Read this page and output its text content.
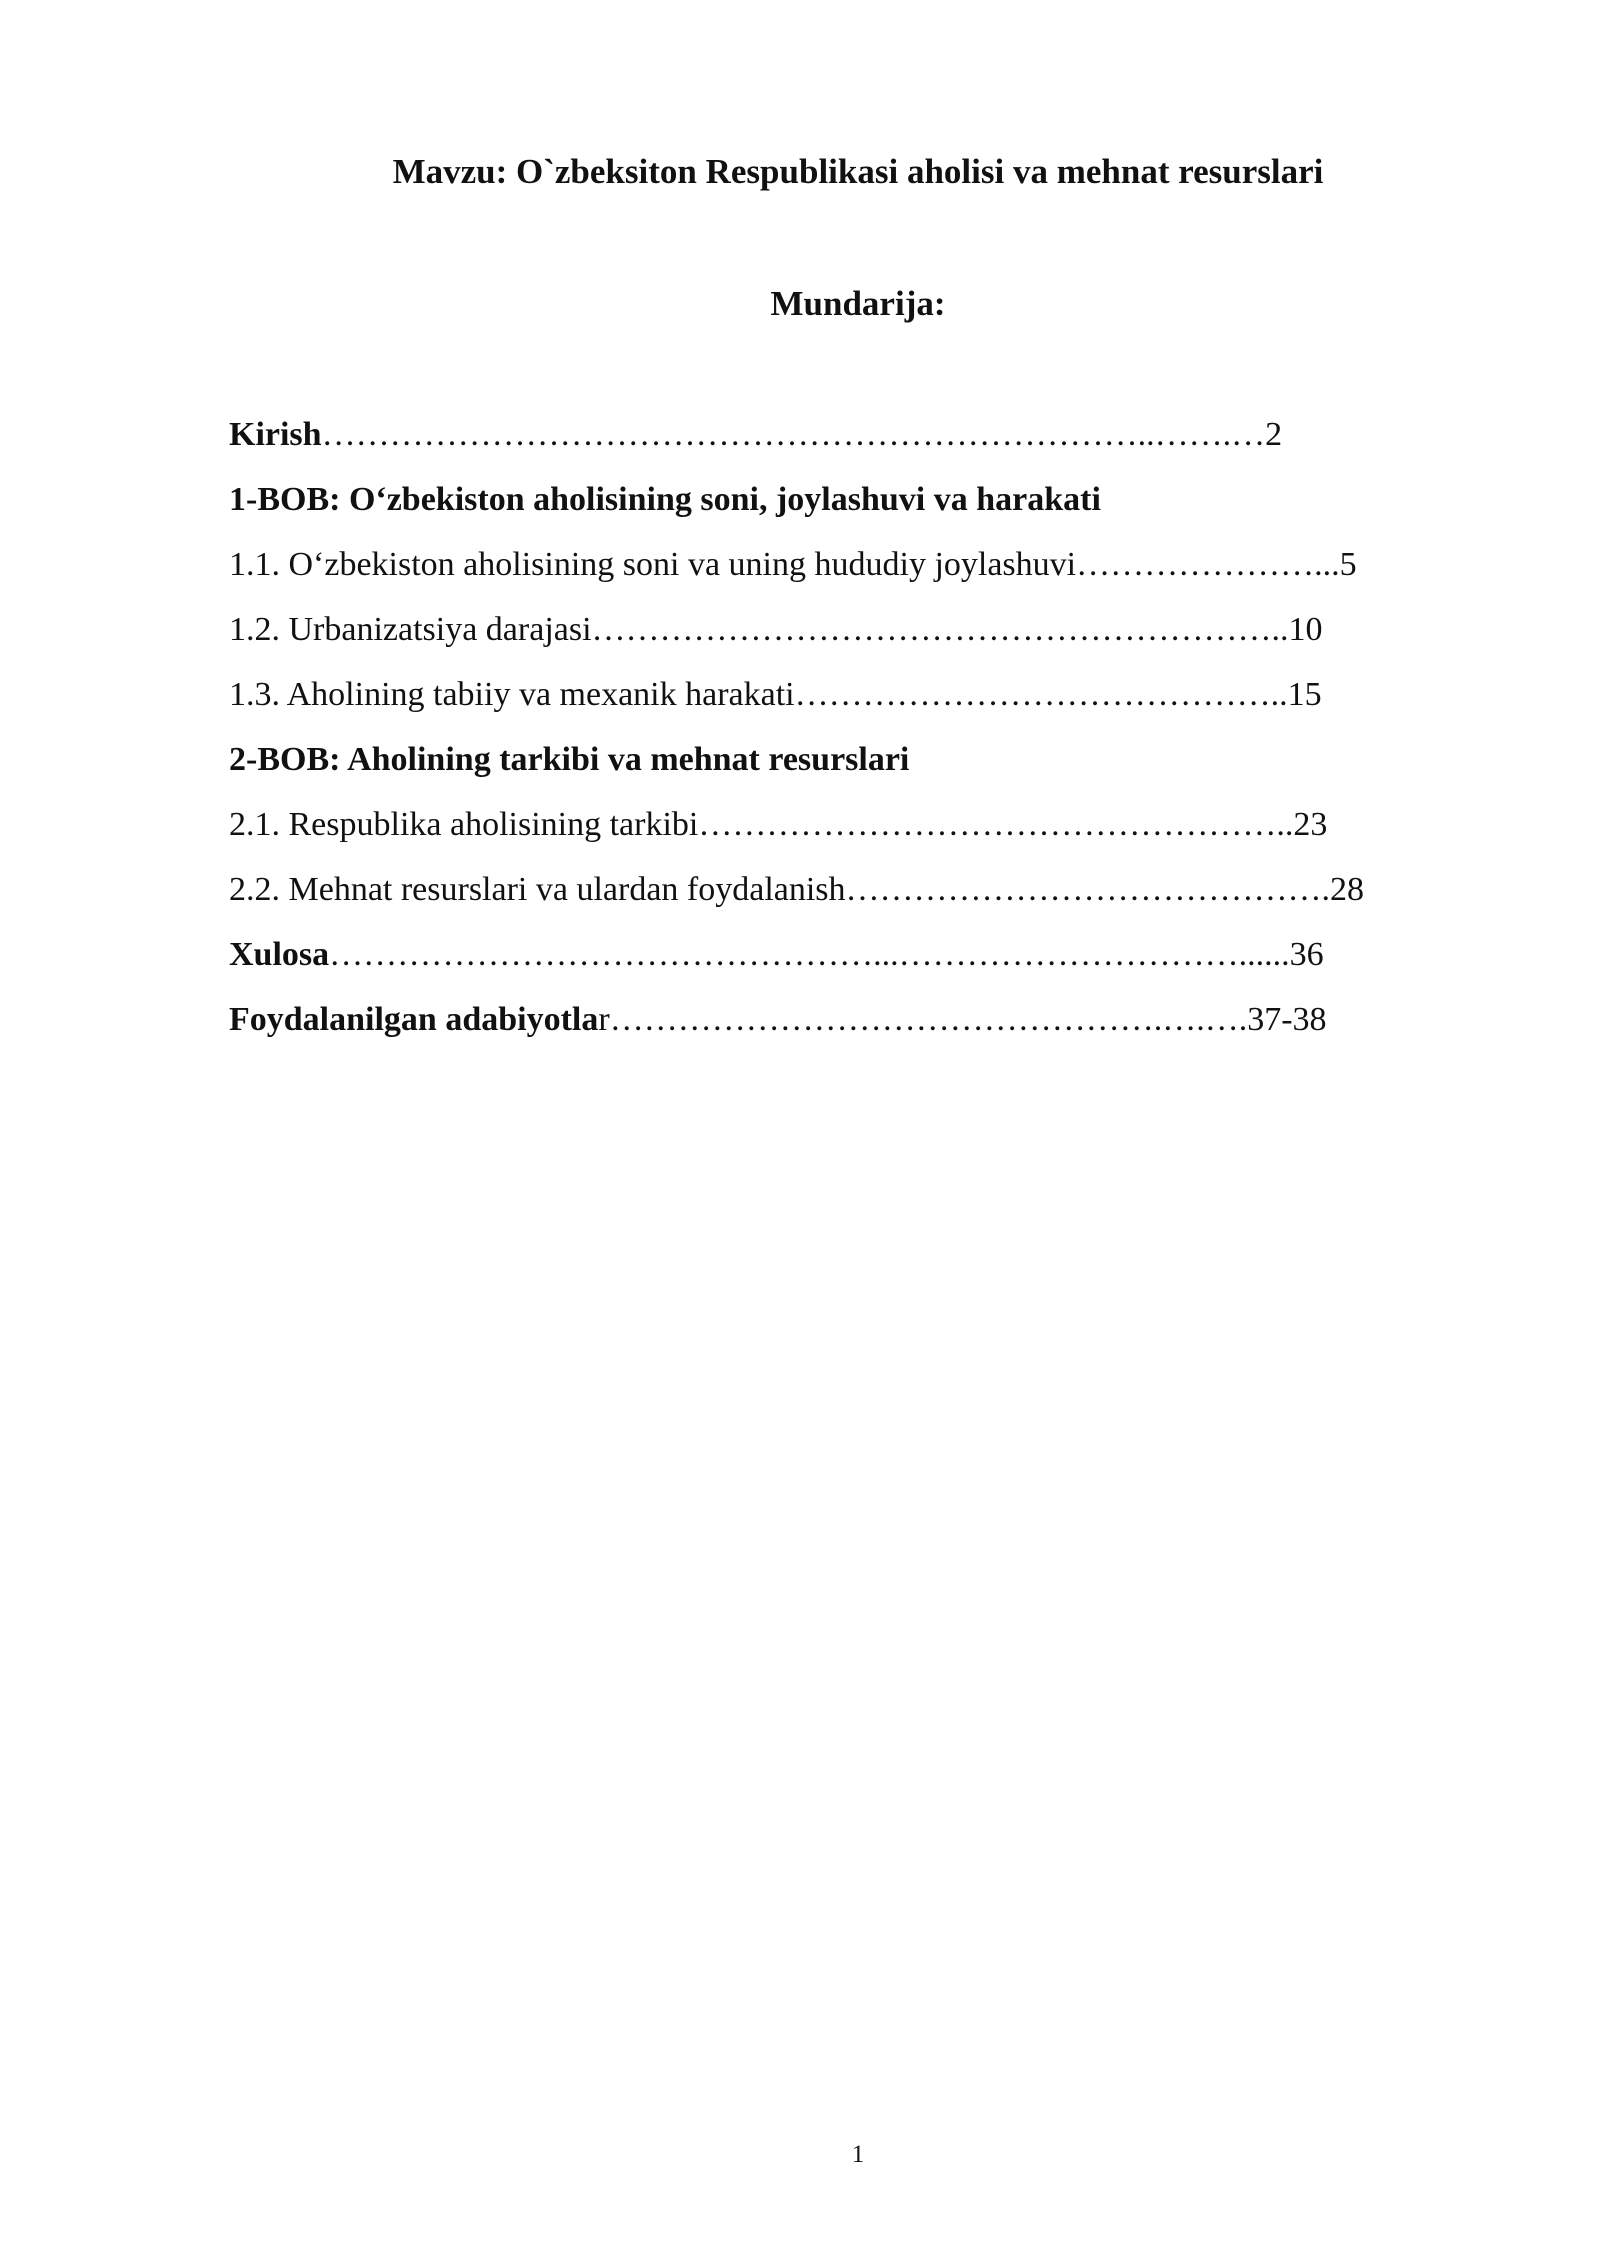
Mavzu: O`zbeksiton Respublikasi aholisi va mehnat resurslari
Mundarija:
Kirish………………………………………………………………..…….…2
1-BOB: O‘zbekiston aholisining soni, joylashuvi va harakati
1.1. O‘zbekiston aholisining soni va uning hududiy joylashuvi…………………...5
1.2. Urbanizatsiya darajasi……………………………………………………..10
1.3. Aholining tabiiy va mexanik harakati……………………………………..15
2-BOB: Aholining tarkibi va mehnat resurslari
2.1. Respublika aholisining tarkibi……………………………………………..23
2.2. Mehnat resurslari va ulardan foydalanish…………………………………….28
Xulosa…………………………………………...…………………………......36
Foydalanilgan adabiyotlar………………………………………….….….37-38
1
